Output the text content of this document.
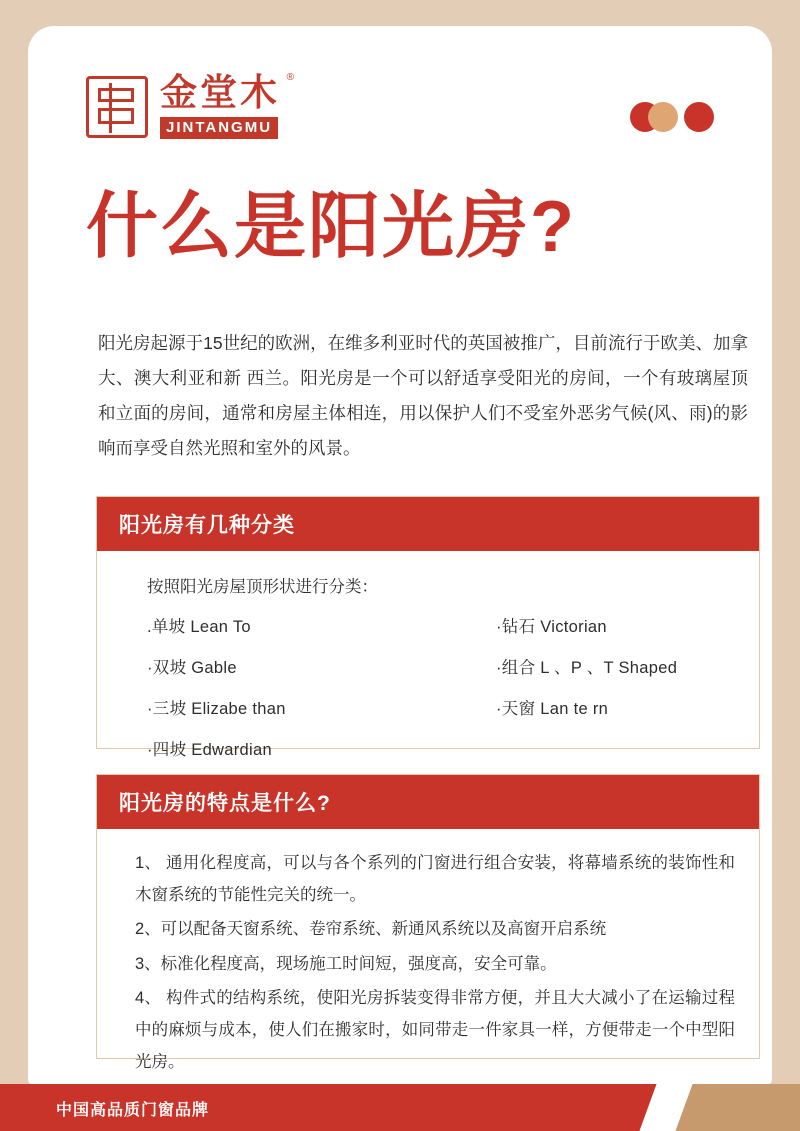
金堂木 ®
JINTANGMU
什么是阳光房?
阳光房起源于15世纪的欧洲，在维多利亚时代的英国被推广，目前流行于欧美、加拿大、澳大利亚和新 西兰。阳光房是一个可以舒适享受阳光的房间，一个有玻璃屋顶和立面的房间，通常和房屋主体相连，用以保护人们不受室外恶劣气候(风、雨)的影响而享受自然光照和室外的风景。
阳光房有几种分类
按照阳光房屋顶形状进行分类：
.单坡 Lean To
·双坡 Gable
·三坡 Elizabe than
·四坡 Edwardian
·钻石 Victorian
·组合 L 、P 、T Shaped
·天窗 Lan te rn
阳光房的特点是什么?

1、 通用化程度高，可以与各个系列的门窗进行组合安装，将幕墙系统的装饰性和木窗系统的节能性完关的统一。

2、可以配备天窗系统、卷帘系统、新通风系统以及高窗开启系统

3、标准化程度高，现场施工时间短，强度高，安全可靠。

4、 构件式的结构系统，使阳光房拆装变得非常方便，并且大大减小了在运输过程中的麻烦与成本，使人们在搬家时，如同带走一件家具一样，方便带走一个中型阳光房。

中国高品质门窗品牌
